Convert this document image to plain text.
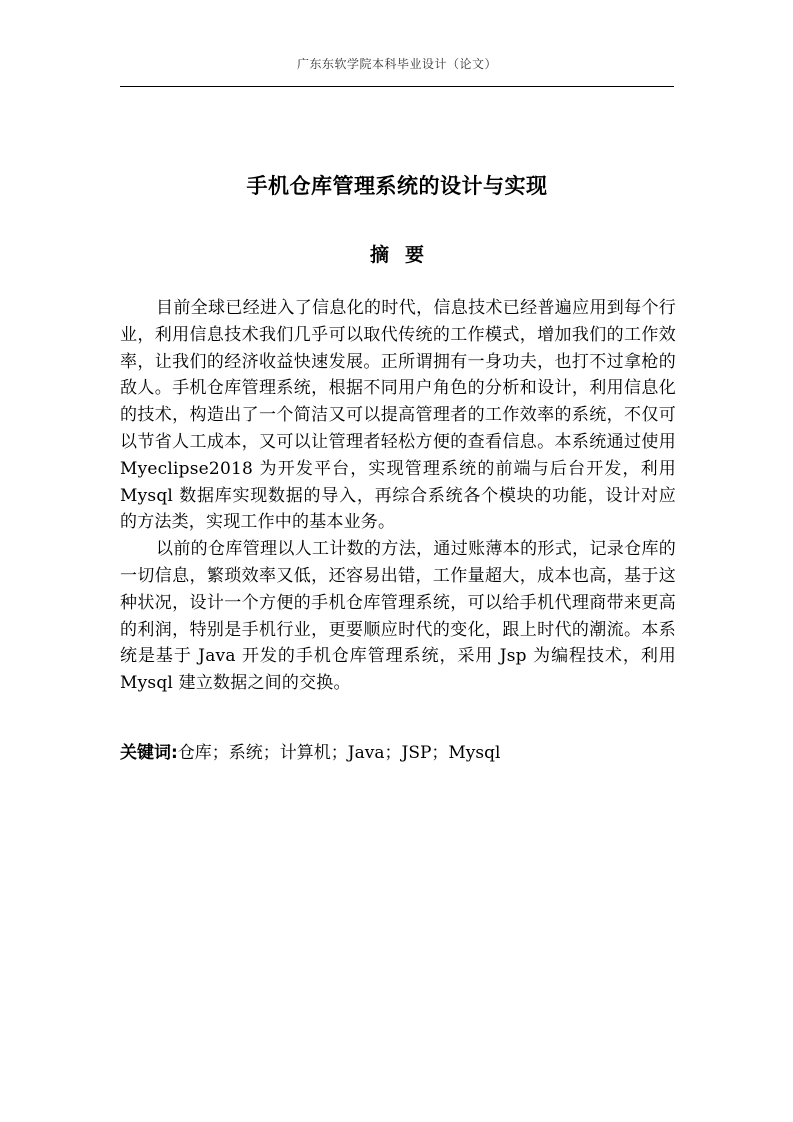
广东东软学院本科毕业设计（论文）
手机仓库管理系统的设计与实现
摘要

目前全球已经进入了信息化的时代，信息技术已经普遍应用到每个行业，利用信息技术我们几乎可以取代传统的工作模式，增加我们的工作效率，让我们的经济收益快速发展。正所谓拥有一身功夫，也打不过拿枪的敌人。手机仓库管理系统，根据不同用户角色的分析和设计，利用信息化的技术，构造出了一个简洁又可以提高管理者的工作效率的系统，不仅可以节省人工成本，又可以让管理者轻松方便的查看信息。本系统通过使用 Myeclipse2018 为开发平台，实现管理系统的前端与后台开发，利用 Mysql 数据库实现数据的导入，再综合系统各个模块的功能，设计对应的方法类，实现工作中的基本业务。

以前的仓库管理以人工计数的方法，通过账薄本的形式，记录仓库的一切信息，繁琐效率又低，还容易出错，工作量超大，成本也高，基于这种状况，设计一个方便的手机仓库管理系统，可以给手机代理商带来更高的利润，特别是手机行业，更要顺应时代的变化，跟上时代的潮流。本系统是基于 Java 开发的手机仓库管理系统，采用 Jsp 为编程技术，利用 Mysql 建立数据之间的交换。

关键词:仓库；系统；计算机；Java；JSP；Mysql
